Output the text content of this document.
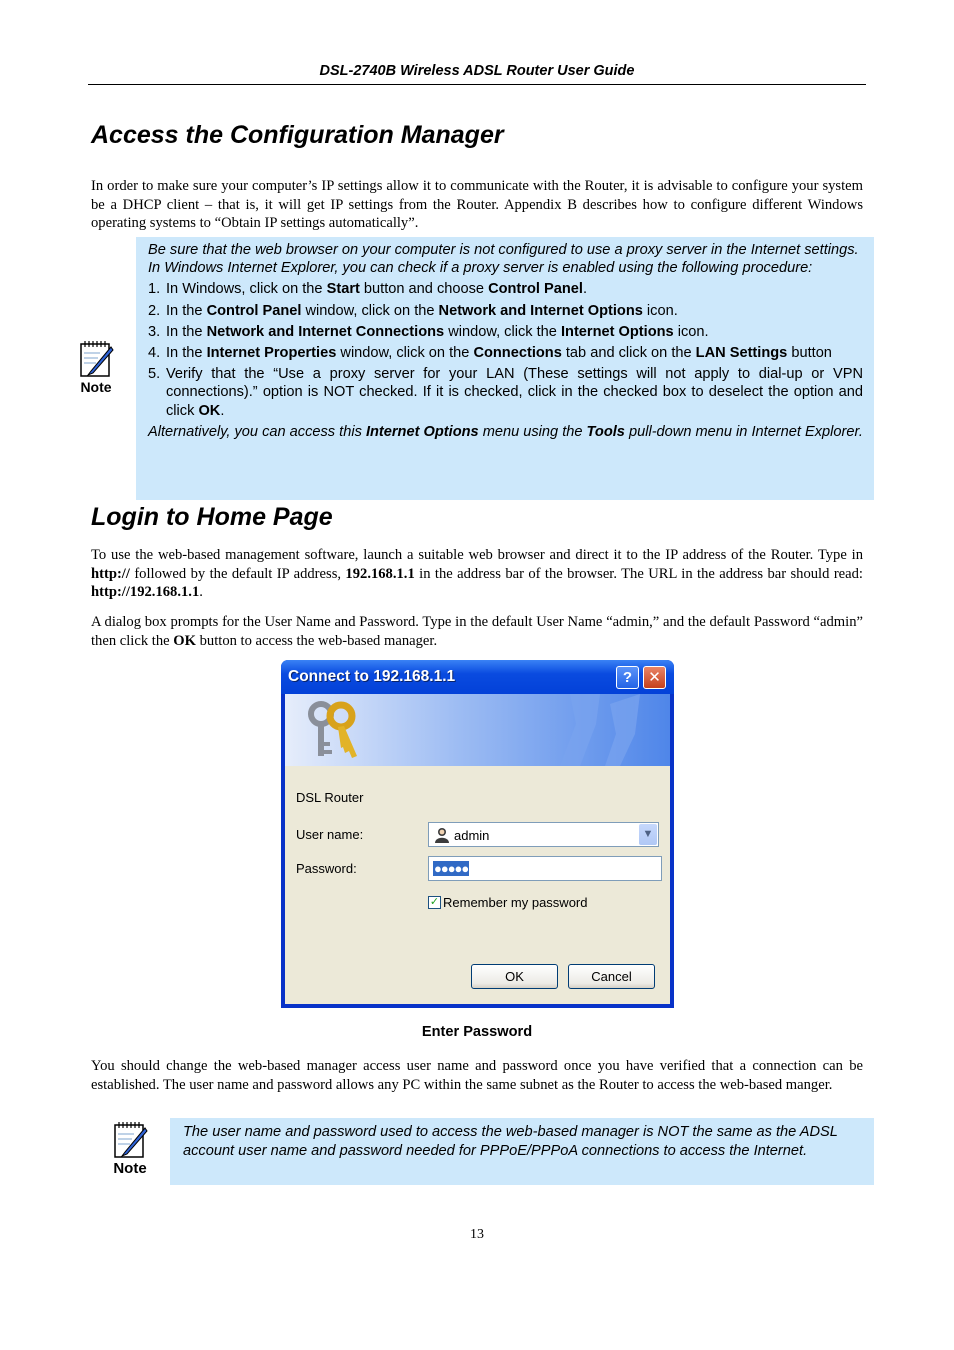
DSL-2740B Wireless ADSL Router User Guide
Access the Configuration Manager

In order to make sure your computer’s IP settings allow it to communicate with the Router, it is advisable to configure your system be a DHCP client – that is, it will get IP settings from the Router. Appendix B describes how to configure different Windows operating systems to “Obtain IP settings automatically”.

Note
Be sure that the web browser on your computer is not configured to use a proxy server in the Internet settings. In Windows Internet Explorer, you can check if a proxy server is enabled using the following procedure:
1. In Windows, click on the Start button and choose Control Panel.
2. In the Control Panel window, click on the Network and Internet Options icon.
3. In the Network and Internet Connections window, click the Internet Options icon.
4. In the Internet Properties window, click on the Connections tab and click on the LAN Settings button
5. Verify that the “Use a proxy server for your LAN (These settings will not apply to dial-up or VPN connections).” option is NOT checked. If it is checked, click in the checked box to deselect the option and click OK.
Alternatively, you can access this Internet Options menu using the Tools pull-down menu in Internet Explorer.
Login to Home Page

To use the web-based management software, launch a suitable web browser and direct it to the IP address of the Router. Type in http:// followed by the default IP address, 192.168.1.1 in the address bar of the browser. The URL in the address bar should read: http://192.168.1.1.

A dialog box prompts for the User Name and Password. Type in the default User Name “admin,” and the default Password “admin” then click the OK button to access the web-based manager.

Connect to 192.168.1.1	?	✕
DSL Router
User name:	admin	▼
Password:	●●●●●
✓ Remember my password
OK	Cancel
Enter Password

You should change the web-based manager access user name and password once you have verified that a connection can be established. The user name and password allows any PC within the same subnet as the Router to access the web-based manger.

Note
The user name and password used to access the web-based manager is NOT the same as the ADSL account user name and password needed for PPPoE/PPPoA connections to access the Internet.
13
